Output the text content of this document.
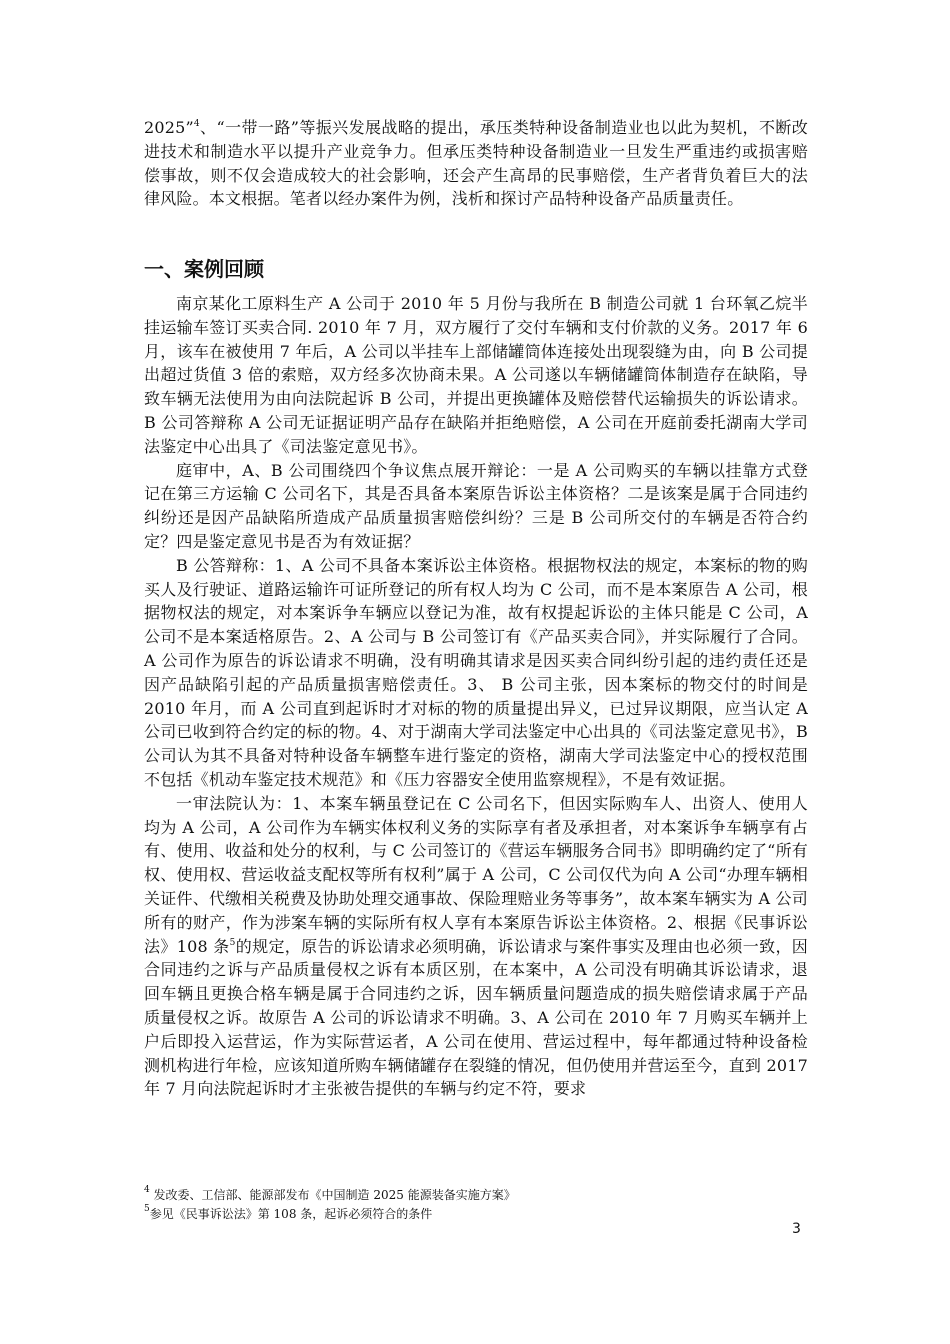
2025”$^4$、“一带一路”等振兴发展战略的提出，承压类特种设备制造业也以此为契机，不断改进技术和制造水平以提升产业竞争力。但承压类特种设备制造业一旦发生严重违约或损害赔偿事故，则不仅会造成较大的社会影响，还会产生高昂的民事赔偿，生产者背负着巨大的法律风险。本文根据。笔者以经办案件为例，浅析和探讨产品特种设备产品质量责任。

一、案例回顾

南京某化工原料生产 A 公司于 2010 年 5 月份与我所在 B 制造公司就 1 台环氧乙烷半挂运输车签订买卖合同. 2010 年 7 月，双方履行了交付车辆和支付价款的义务。2017 年 6 月，该车在被使用 7 年后，A 公司以半挂车上部储罐筒体连接处出现裂缝为由，向 B 公司提出超过货值 3 倍的索赔，双方经多次协商未果。A 公司遂以车辆储罐筒体制造存在缺陷，导致车辆无法使用为由向法院起诉 B 公司，并提出更换罐体及赔偿替代运输损失的诉讼请求。B 公司答辩称 A 公司无证据证明产品存在缺陷并拒绝赔偿，A 公司在开庭前委托湖南大学司法鉴定中心出具了《司法鉴定意见书》。

庭审中，A、B 公司围绕四个争议焦点展开辩论：一是 A 公司购买的车辆以挂靠方式登记在第三方运输 C 公司名下，其是否具备本案原告诉讼主体资格？二是该案是属于合同违约纠纷还是因产品缺陷所造成产品质量损害赔偿纠纷？三是 B 公司所交付的车辆是否符合约定？四是鉴定意见书是否为有效证据？

B 公答辩称：1、A 公司不具备本案诉讼主体资格。根据物权法的规定，本案标的物的购买人及行驶证、道路运输许可证所登记的所有权人均为 C 公司，而不是本案原告 A 公司，根据物权法的规定，对本案诉争车辆应以登记为准，故有权提起诉讼的主体只能是 C 公司，A 公司不是本案适格原告。2、A 公司与 B 公司签订有《产品买卖合同》，并实际履行了合同。A 公司作为原告的诉讼请求不明确，没有明确其请求是因买卖合同纠纷引起的违约责任还是因产品缺陷引起的产品质量损害赔偿责任。3、 B 公司主张，因本案标的物交付的时间是 2010 年月，而 A 公司直到起诉时才对标的物的质量提出异义，已过异议期限，应当认定 A 公司已收到符合约定的标的物。4、对于湖南大学司法鉴定中心出具的《司法鉴定意见书》，B 公司认为其不具备对特种设备车辆整车进行鉴定的资格，湖南大学司法鉴定中心的授权范围不包括《机动车鉴定技术规范》和《压力容器安全使用监察规程》，不是有效证据。

一审法院认为：1、本案车辆虽登记在 C 公司名下，但因实际购车人、出资人、使用人均为 A 公司，A 公司作为车辆实体权利义务的实际享有者及承担者，对本案诉争车辆享有占有、使用、收益和处分的权利，与 C 公司签订的《营运车辆服务合同书》即明确约定了“所有权、使用权、营运收益支配权等所有权利”属于 A 公司，C 公司仅代为向 A 公司“办理车辆相关证件、代缴相关税费及协助处理交通事故、保险理赔业务等事务”，故本案车辆实为 A 公司所有的财产，作为涉案车辆的实际所有权人享有本案原告诉讼主体资格。2、根据《民事诉讼法》108 条$^5$的规定，原告的诉讼请求必须明确，诉讼请求与案件事实及理由也必须一致，因合同违约之诉与产品质量侵权之诉有本质区别，在本案中，A 公司没有明确其诉讼请求，退回车辆且更换合格车辆是属于合同违约之诉，因车辆质量问题造成的损失赔偿请求属于产品质量侵权之诉。故原告 A 公司的诉讼请求不明确。3、A 公司在 2010 年 7 月购买车辆并上户后即投入运营运，作为实际营运者，A 公司在使用、营运过程中，每年都通过特种设备检测机构进行年检，应该知道所购车辆储罐存在裂缝的情况，但仍使用并营运至今，直到 2017 年 7 月向法院起诉时才主张被告提供的车辆与约定不符，要求

$^4$ 发改委、工信部、能源部发布《中国制造 2025 能源装备实施方案》
$^5$参见《民事诉讼法》第 108 条，起诉必须符合的条件
3
